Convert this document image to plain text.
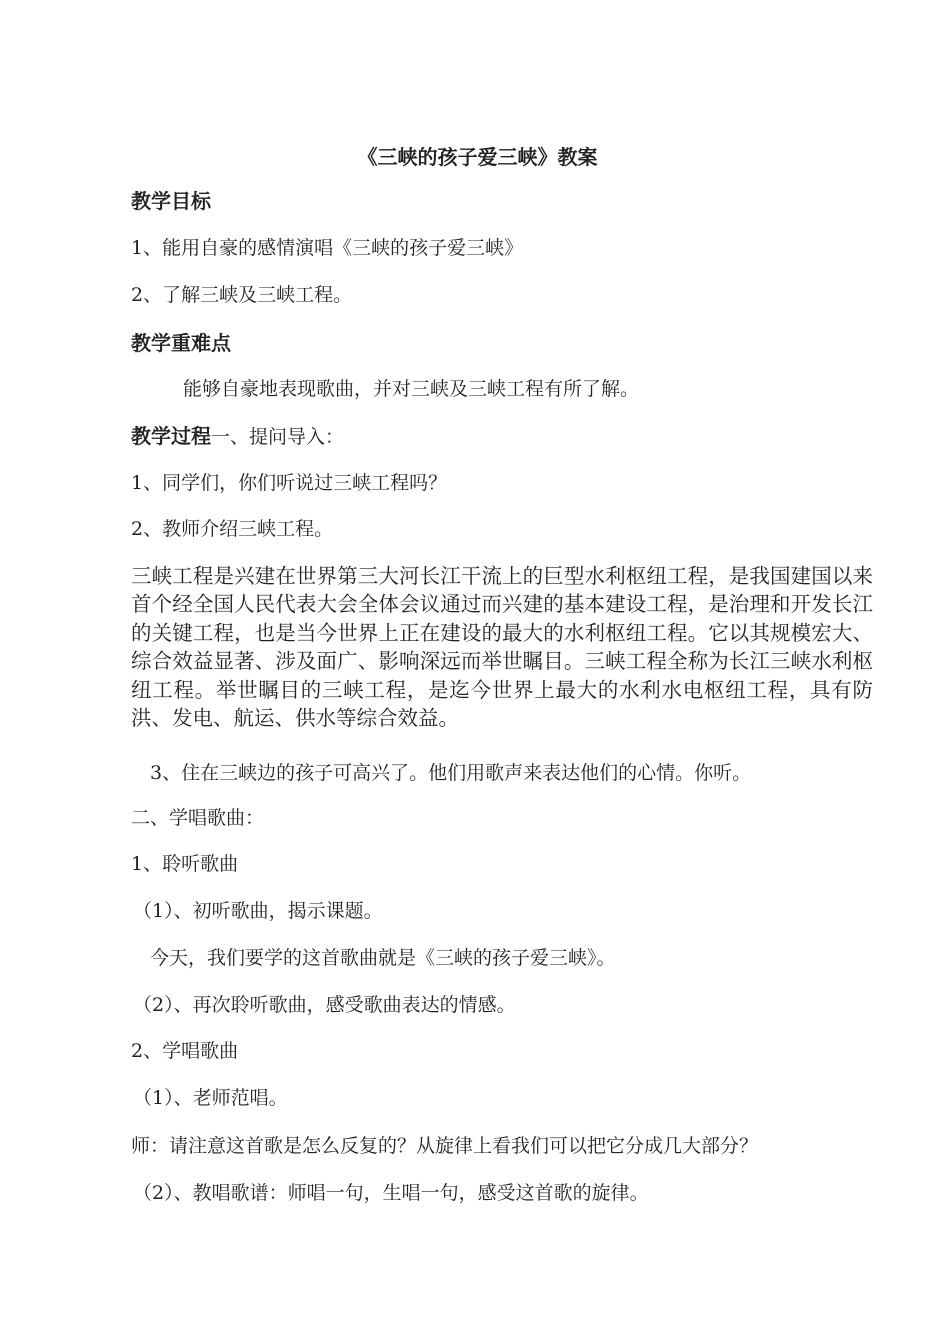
《三峡的孩子爱三峡》教案
教学目标
1、能用自豪的感情演唱《三峡的孩子爱三峡》
2、了解三峡及三峡工程。
教学重难点
能够自豪地表现歌曲，并对三峡及三峡工程有所了解。
教学过程一、提问导入：
1、同学们，你们听说过三峡工程吗？
2、教师介绍三峡工程。

三峡工程是兴建在世界第三大河长江干流上的巨型水利枢纽工程，是我国建国以来首个经全国人民代表大会全体会议通过而兴建的基本建设工程，是治理和开发长江的关键工程，也是当今世界上正在建设的最大的水利枢纽工程。它以其规模宏大、综合效益显著、涉及面广、影响深远而举世瞩目。三峡工程全称为长江三峡水利枢纽工程。举世瞩目的三峡工程，是迄今世界上最大的水利水电枢纽工程，具有防洪、发电、航运、供水等综合效益。

3、住在三峡边的孩子可高兴了。他们用歌声来表达他们的心情。你听。
二、学唱歌曲：
1、聆听歌曲
（1）、初听歌曲，揭示课题。
今天，我们要学的这首歌曲就是《三峡的孩子爱三峡》。
（2）、再次聆听歌曲，感受歌曲表达的情感。
2、学唱歌曲
（1）、老师范唱。
师：请注意这首歌是怎么反复的？从旋律上看我们可以把它分成几大部分？
（2）、教唱歌谱：师唱一句，生唱一句，感受这首歌的旋律。
